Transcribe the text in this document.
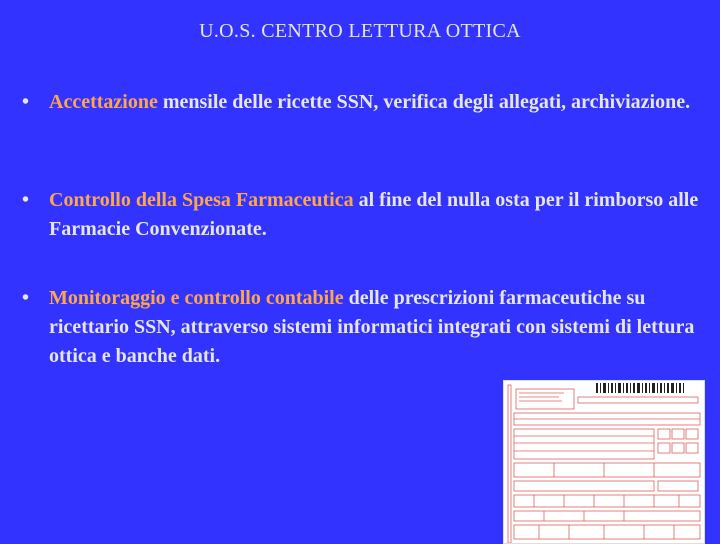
U.O.S. CENTRO LETTURA OTTICA
• Accettazione mensile delle ricette SSN, verifica degli allegati, archiviazione.
• Controllo della Spesa Farmaceutica al fine del nulla osta per il rimborso alle Farmacie Convenzionate.
• Monitoraggio e controllo contabile delle prescrizioni farmaceutiche su ricettario SSN, attraverso sistemi informatici integrati con sistemi di lettura ottica e banche dati.
